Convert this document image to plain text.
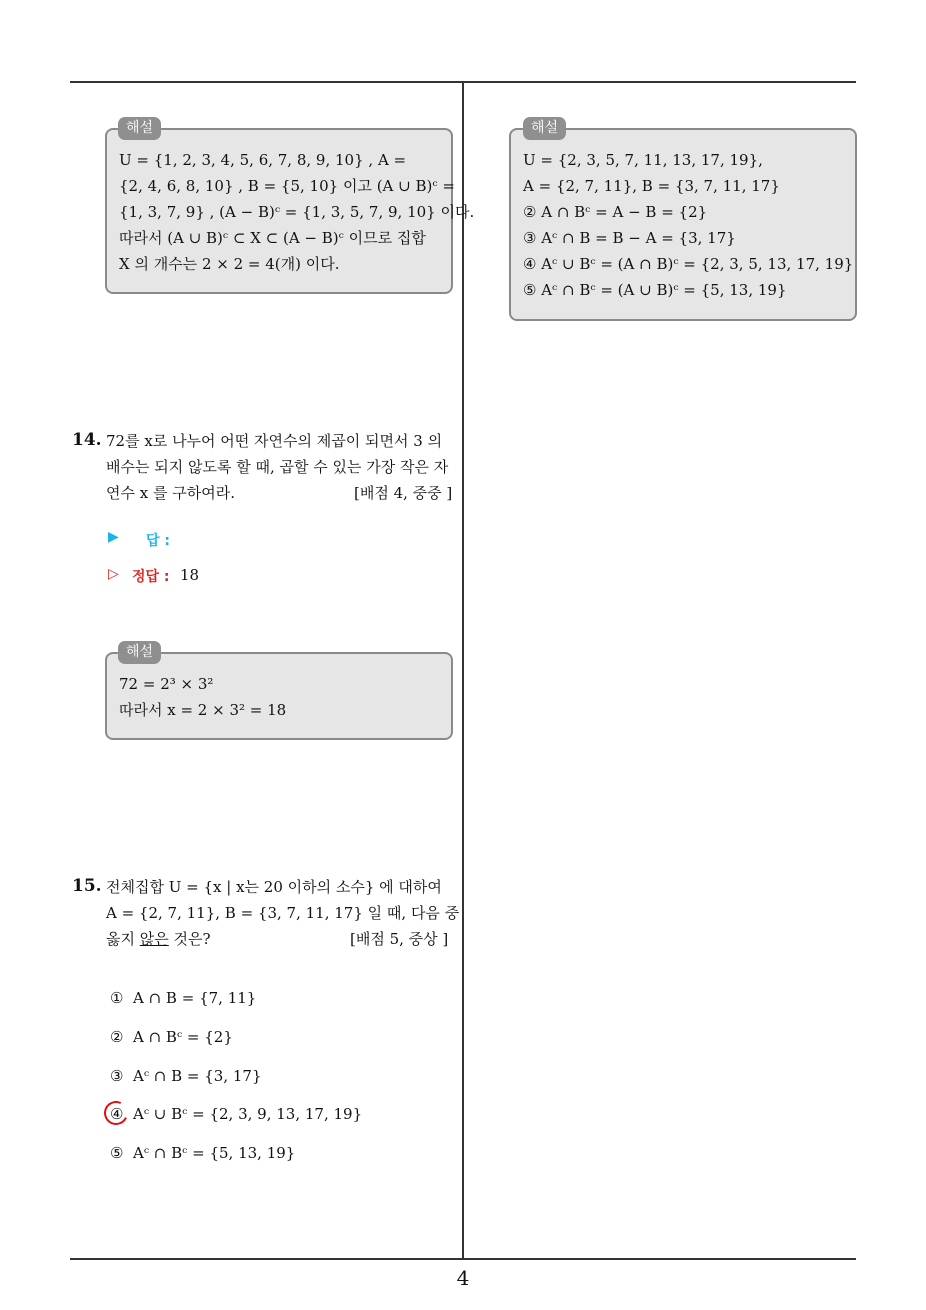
U = {1, 2, 3, 4, 5, 6, 7, 8, 9, 10} , A =
{2, 4, 6, 8, 10} , B = {5, 10} 이고 (A ∪ B)ᶜ =
{1, 3, 7, 9} , (A − B)ᶜ = {1, 3, 5, 7, 9, 10} 이다.
따라서 (A ∪ B)ᶜ ⊂ X ⊂ (A − B)ᶜ 이므로 집합
X 의 개수는 2 × 2 = 4(개) 이다.
해설
14. 72를 x로 나누어 어떤 자연수의 제곱이 되면서 3 의
배수는 되지 않도록 할 때, 곱할 수 있는 가장 작은 자
연수 x 를 구하여라.	[배점 4, 중중 ]
▶ 답 :
▷ 정답 : 18
72 = 2³ × 3²
따라서 x = 2 × 3² = 18
해설
15. 전체집합 U = {x | x는 20 이하의 소수} 에 대하여
A = {2, 7, 11}, B = {3, 7, 11, 17} 일 때, 다음 중
옳지 않은 것은?	[배점 5, 중상 ]
① A ∩ B = {7, 11}
② A ∩ Bᶜ = {2}
③ Aᶜ ∩ B = {3, 17}
④ Aᶜ ∪ Bᶜ = {2, 3, 9, 13, 17, 19}
⑤ Aᶜ ∩ Bᶜ = {5, 13, 19}
U = {2, 3, 5, 7, 11, 13, 17, 19},
A = {2, 7, 11}, B = {3, 7, 11, 17}
② A ∩ Bᶜ = A − B = {2}
③ Aᶜ ∩ B = B − A = {3, 17}
④ Aᶜ ∪ Bᶜ = (A ∩ B)ᶜ = {2, 3, 5, 13, 17, 19}
⑤ Aᶜ ∩ Bᶜ = (A ∪ B)ᶜ = {5, 13, 19}
해설
4
